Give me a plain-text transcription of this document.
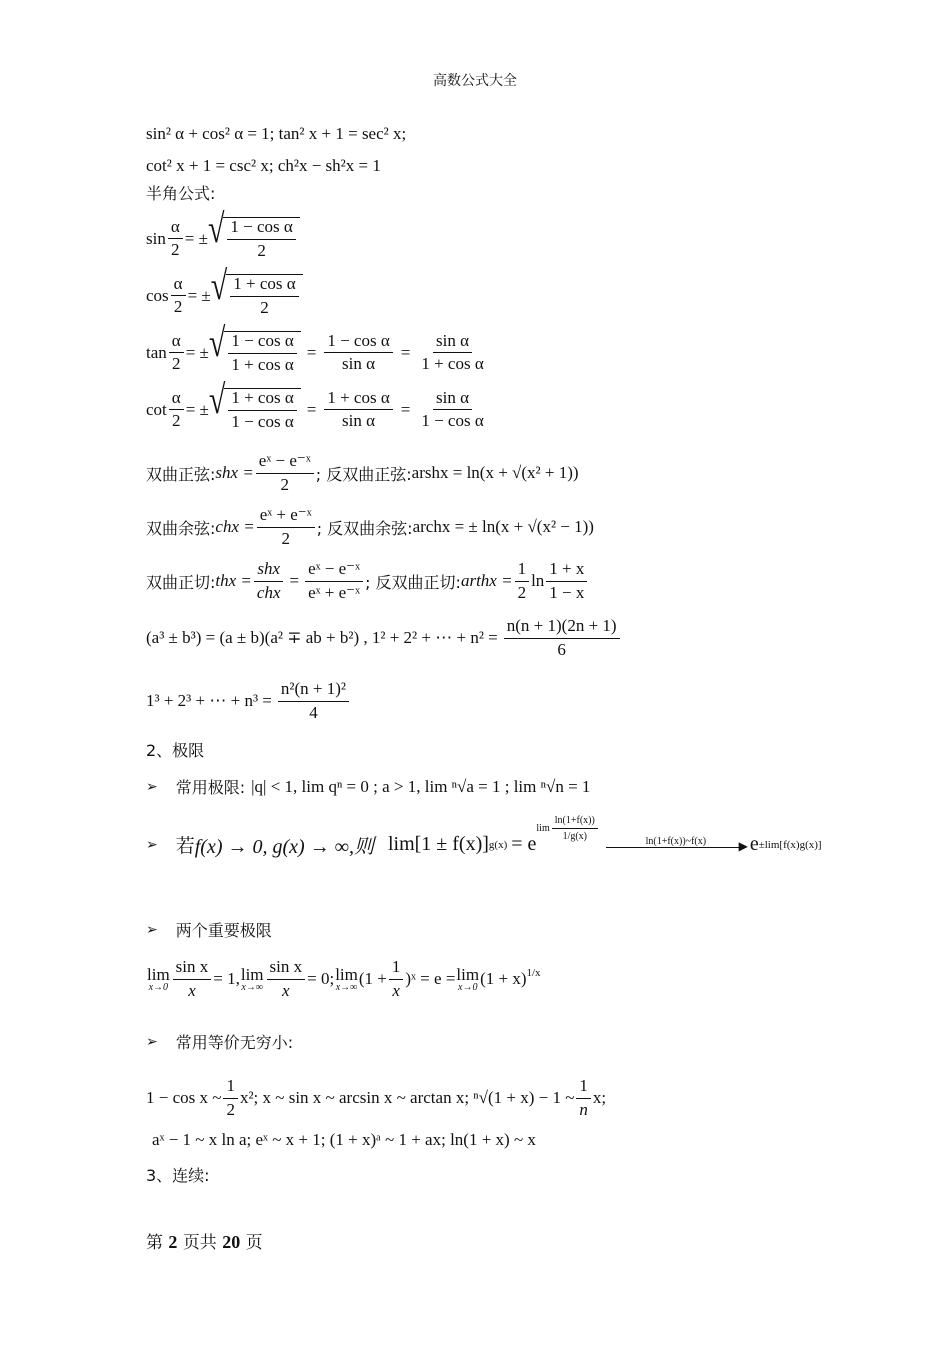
高数公式大全
sin² α + cos² α = 1; tan² x + 1 = sec² x;
cot² x + 1 = csc² x; ch²x − sh²x = 1
半角公式:
$\sin \frac{\alpha}{2}$ = ± √ $\frac{\text{1 − cos α}}{2}$
$\cos \frac{\alpha}{2}$ = ± √ $\frac{\text{1 + cos α}}{2}$
$\tan \frac{\alpha}{2}$ = ± √ $\frac{\text{1 − cos α}}{\text{1 + cos α}} = \frac{\text{1 − cos α}}{\text{sin α}} = \frac{\text{sin α}}{\text{1 + cos α}}$
$\cot \frac{\alpha}{2}$ = ± √ $\frac{\text{1 + cos α}}{\text{1 − cos α}} = \frac{\text{1 + cos α}}{\text{sin α}} = \frac{\text{sin α}}{\text{1 − cos α}}$
双曲正弦: shx = $\frac{\text{eˣ − e⁻ˣ}}{2}$ ; 反双曲正弦: arshx = ln(x + √(x² + 1))
双曲余弦: chx = $\frac{\text{eˣ + e⁻ˣ}}{2}$ ; 反双曲余弦: archx = ± ln(x + √(x² − 1))
双曲正切: thx = $\frac{\text{shx}}{\text{chx}} = \frac{\text{eˣ − e⁻ˣ}}{\text{eˣ + e⁻ˣ}}$ ; 反双曲正切: arthx = $\frac{1}{2}$ $\ln \frac{1 + x}{1 - x}$
(a³ ± b³) = (a ± b)(a² ∓ ab + b²) , 1² + 2² + ⋯ + $n^2 = \frac{n(n + 1)(2n + 1)}{6}$
1³ + 2³ + ⋯ + $n^3 = \frac{\text{n²(n + 1)²}}{4}$
2、极限
➢ 常用极限: |q| < 1, lim qⁿ = 0 ; a > 1, lim ⁿ√a = 1 ; lim ⁿ√n = 1
➢ 若 f(x) → 0, g(x) → ∞,则 lim[1 ± f(x)] g(x) = e
$\lim \frac{\ln(1+f(x))}{1/g(x)}$	ln(1+f(x))~f(x)	▶ e ±lim[f(x)g(x)]
➢ 两个重要极限
lim
$x\to 0 \frac{\text{sin x}}{x} = 1$, lim
$x\to\infty \frac{\text{sin x}}{x} = 0$; lim
x→∞ ($1 + \frac{1}{x}$ )ˣ = e = lim
x→0 $(1 + x)^{1/x}$
➢ 常用等价无穷小:
1 − cos x ~ $\frac{1}{2} x^2$; x ~ sin x ~ arcsin x ~ arctan x; ⁿ√(1 + x) − 1 ~ $\frac{1}{n} x$;
aˣ − 1 ~ x ln a; eˣ ~ x + 1; (1 + x)ᵃ ~ 1 + ax; ln(1 + x) ~ x
3、连续:
第 2 页共 20 页
